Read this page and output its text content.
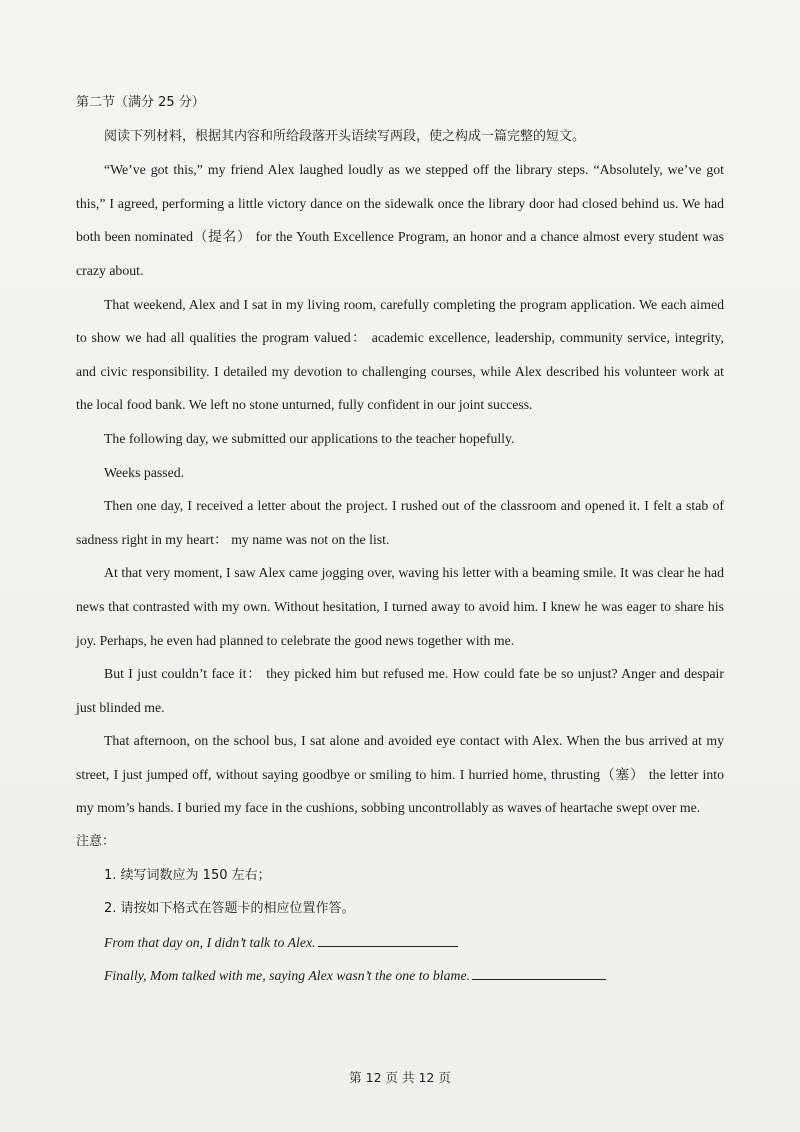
第二节（满分 25 分）

阅读下列材料，根据其内容和所给段落开头语续写两段，使之构成一篇完整的短文。

“We’ve got this,” my friend Alex laughed loudly as we stepped off the library steps. “Absolutely, we’ve got this,” I agreed, performing a little victory dance on the sidewalk once the library door had closed behind us. We had both been nominated（提名） for the Youth Excellence Program, an honor and a chance almost every student was crazy about.

That weekend, Alex and I sat in my living room, carefully completing the program application. We each aimed to show we had all qualities the program valued： academic excellence, leadership, community service, integrity, and civic responsibility. I detailed my devotion to challenging courses, while Alex described his volunteer work at the local food bank. We left no stone unturned, fully confident in our joint success.

The following day, we submitted our applications to the teacher hopefully.

Weeks passed.

Then one day, I received a letter about the project. I rushed out of the classroom and opened it. I felt a stab of sadness right in my heart： my name was not on the list.

At that very moment, I saw Alex came jogging over, waving his letter with a beaming smile. It was clear he had news that contrasted with my own. Without hesitation, I turned away to avoid him. I knew he was eager to share his joy. Perhaps, he even had planned to celebrate the good news together with me.

But I just couldn’t face it： they picked him but refused me. How could fate be so unjust? Anger and despair just blinded me.

That afternoon, on the school bus, I sat alone and avoided eye contact with Alex. When the bus arrived at my street, I just jumped off, without saying goodbye or smiling to him. I hurried home, thrusting（塞） the letter into my mom’s hands. I buried my face in the cushions, sobbing uncontrollably as waves of heartache swept over me.

注意：

1. 续写词数应为 150 左右；

2. 请按如下格式在答题卡的相应位置作答。

From that day on, I didn’t talk to Alex.

Finally, Mom talked with me, saying Alex wasn’t the one to blame.

第 12 页 共 12 页
